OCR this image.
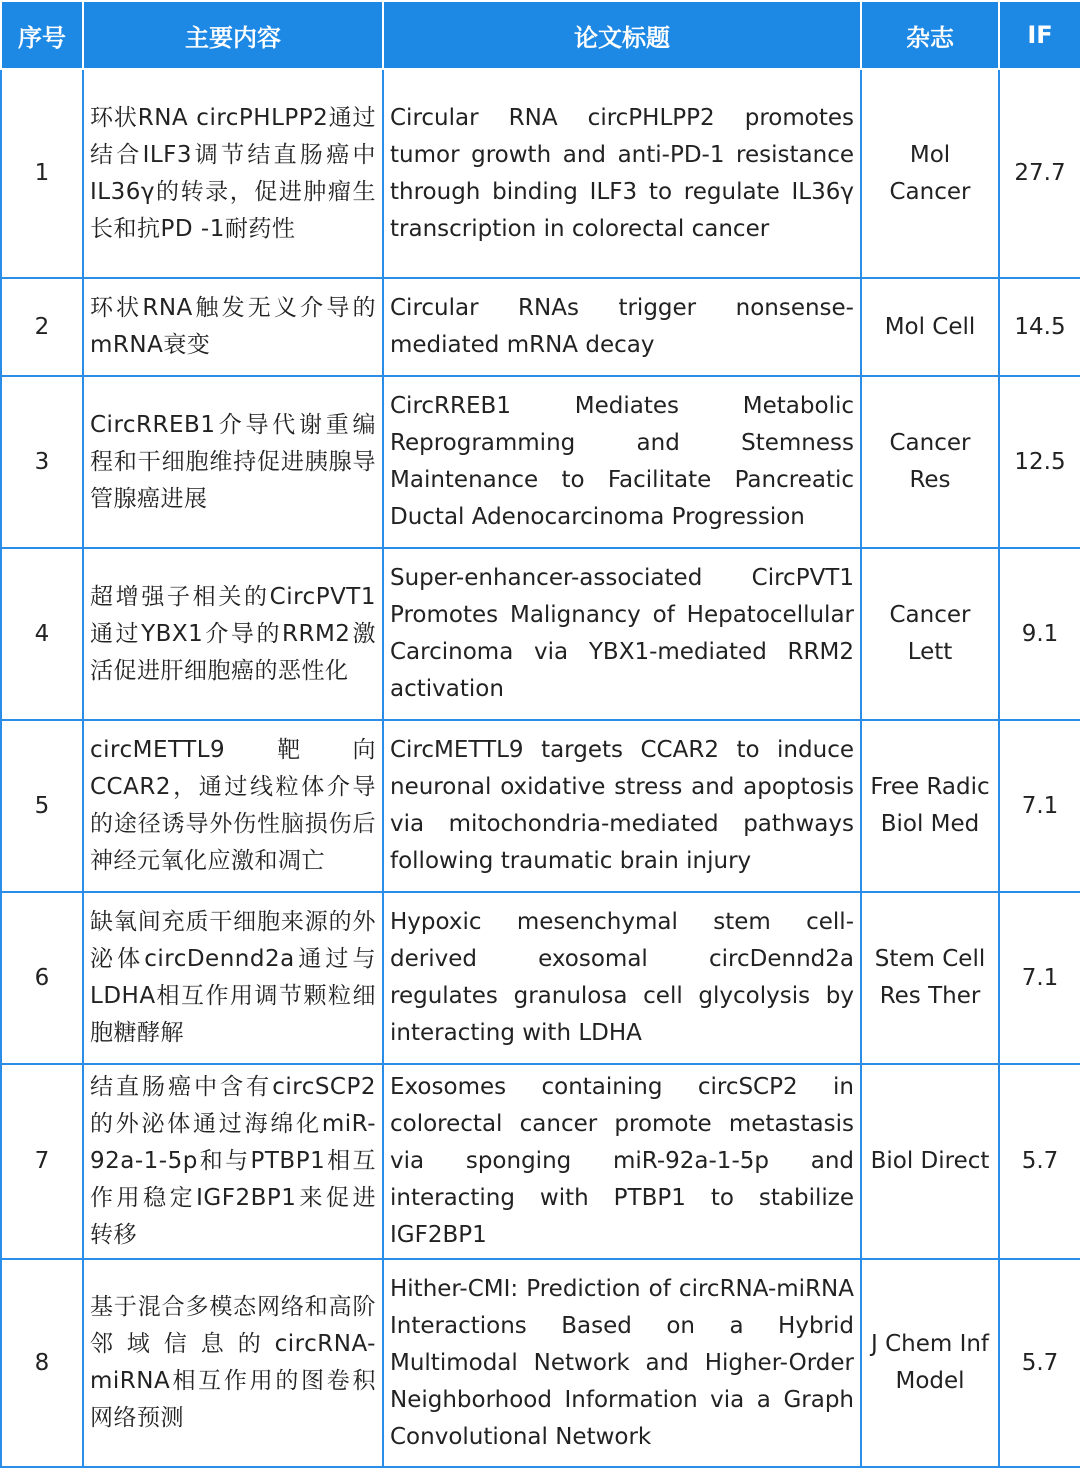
序号	主要内容	论文标题	杂志	IF
1	环状RNA circPHLPP2通过结合ILF3调节结直肠癌中IL36γ的转录，促进肿瘤生长和抗PD -1耐药性	Circular RNA circPHLPP2 promotes tumor growth and anti-PD-1 resistance through binding ILF3 to regulate IL36γ transcription in colorectal cancer	Mol Cancer	27.7
2	环状RNA触发无义介导的mRNA衰变	Circular RNAs trigger nonsense-mediated mRNA decay	Mol Cell	14.5
3	CircRREB1介导代谢重编程和干细胞维持促进胰腺导管腺癌进展	CircRREB1 Mediates Metabolic Reprogramming and Stemness Maintenance to Facilitate Pancreatic Ductal Adenocarcinoma Progression	Cancer Res	12.5
4	超增强子相关的CircPVT1通过YBX1介导的RRM2激活促进肝细胞癌的恶性化	Super-enhancer-associated CircPVT1 Promotes Malignancy of Hepatocellular Carcinoma via YBX1-mediated RRM2 activation	Cancer Lett	9.1
5	circMETTL9靶向CCAR2，通过线粒体介导的途径诱导外伤性脑损伤后神经元氧化应激和凋亡	CircMETTL9 targets CCAR2 to induce neuronal oxidative stress and apoptosis via mitochondria-mediated pathways following traumatic brain injury	Free Radic Biol Med	7.1
6	缺氧间充质干细胞来源的外泌体circDennd2a通过与LDHA相互作用调节颗粒细胞糖酵解	Hypoxic mesenchymal stem cell-derived exosomal circDennd2a regulates granulosa cell glycolysis by interacting with LDHA	Stem Cell Res Ther	7.1
7	结直肠癌中含有circSCP2的外泌体通过海绵化miR-92a-1-5p和与PTBP1相互作用稳定IGF2BP1来促进转移	Exosomes containing circSCP2 in colorectal cancer promote metastasis via sponging miR-92a-1-5p and interacting with PTBP1 to stabilize IGF2BP1	Biol Direct	5.7
8	基于混合多模态网络和高阶邻域信息的circRNA-miRNA相互作用的图卷积网络预测	Hither-CMI: Prediction of circRNA-miRNA Interactions Based on a Hybrid Multimodal Network and Higher-Order Neighborhood Information via a Graph Convolutional Network	J Chem Inf Model	5.7
